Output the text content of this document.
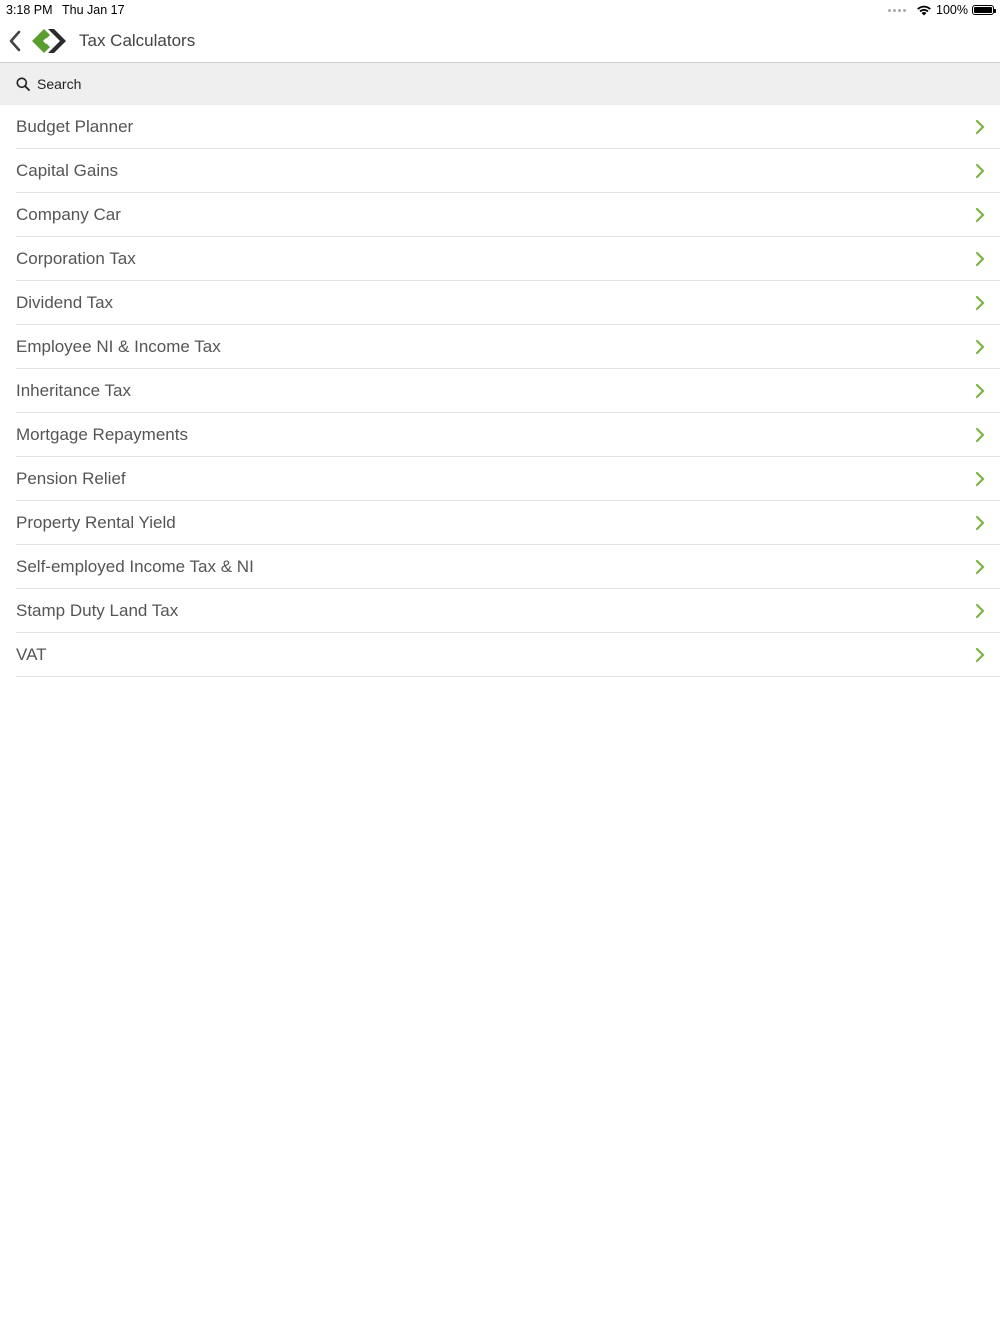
3:18 PM Thu Jan 17	100%
Tax Calculators
Search
Budget Planner
Capital Gains
Company Car
Corporation Tax
Dividend Tax
Employee NI & Income Tax
Inheritance Tax
Mortgage Repayments
Pension Relief
Property Rental Yield
Self-employed Income Tax & NI
Stamp Duty Land Tax
VAT
